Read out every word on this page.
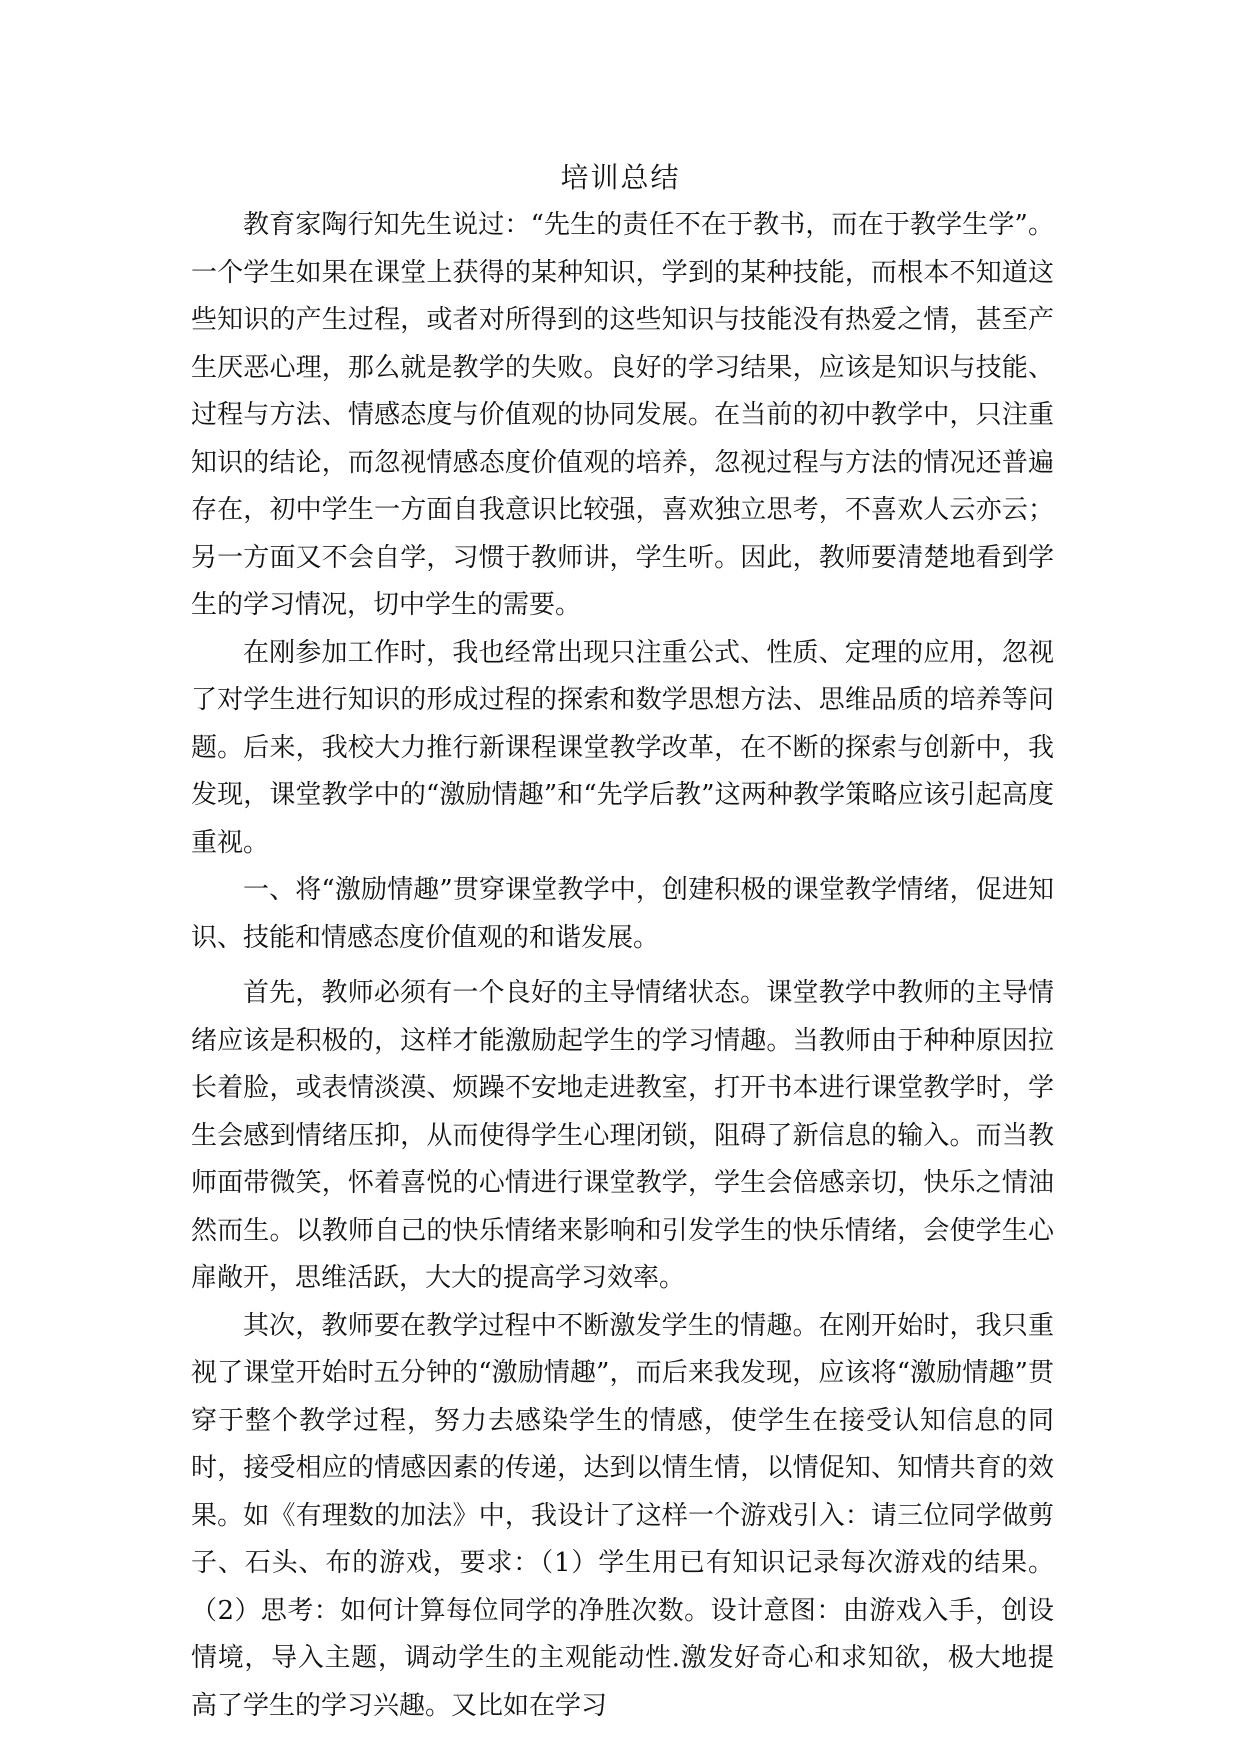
培训总结

教育家陶行知先生说过：“先生的责任不在于教书，而在于教学生学”。一个学生如果在课堂上获得的某种知识，学到的某种技能，而根本不知道这些知识的产生过程，或者对所得到的这些知识与技能没有热爱之情，甚至产生厌恶心理，那么就是教学的失败。良好的学习结果，应该是知识与技能、过程与方法、情感态度与价值观的协同发展。在当前的初中教学中，只注重知识的结论，而忽视情感态度价值观的培养，忽视过程与方法的情况还普遍存在，初中学生一方面自我意识比较强，喜欢独立思考，不喜欢人云亦云；另一方面又不会自学，习惯于教师讲，学生听。因此，教师要清楚地看到学生的学习情况，切中学生的需要。

在刚参加工作时，我也经常出现只注重公式、性质、定理的应用，忽视了对学生进行知识的形成过程的探索和数学思想方法、思维品质的培养等问题。后来，我校大力推行新课程课堂教学改革，在不断的探索与创新中，我发现，课堂教学中的“激励情趣”和“先学后教”这两种教学策略应该引起高度重视。

一、将“激励情趣”贯穿课堂教学中，创建积极的课堂教学情绪，促进知识、技能和情感态度价值观的和谐发展。

首先，教师必须有一个良好的主导情绪状态。课堂教学中教师的主导情绪应该是积极的，这样才能激励起学生的学习情趣。当教师由于种种原因拉长着脸，或表情淡漠、烦躁不安地走进教室，打开书本进行课堂教学时，学生会感到情绪压抑，从而使得学生心理闭锁，阻碍了新信息的输入。而当教师面带微笑，怀着喜悦的心情进行课堂教学，学生会倍感亲切，快乐之情油然而生。以教师自己的快乐情绪来影响和引发学生的快乐情绪，会使学生心扉敞开，思维活跃，大大的提高学习效率。

其次，教师要在教学过程中不断激发学生的情趣。在刚开始时，我只重视了课堂开始时五分钟的“激励情趣”，而后来我发现，应该将“激励情趣”贯穿于整个教学过程，努力去感染学生的情感，使学生在接受认知信息的同时，接受相应的情感因素的传递，达到以情生情，以情促知、知情共育的效果。如《有理数的加法》中，我设计了这样一个游戏引入：请三位同学做剪子、石头、布的游戏，要求：（1）学生用已有知识记录每次游戏的结果。（2）思考：如何计算每位同学的净胜次数。设计意图：由游戏入手，创设情境，导入主题，调动学生的主观能动性.激发好奇心和求知欲，极大地提高了学生的学习兴趣。又比如在学习
